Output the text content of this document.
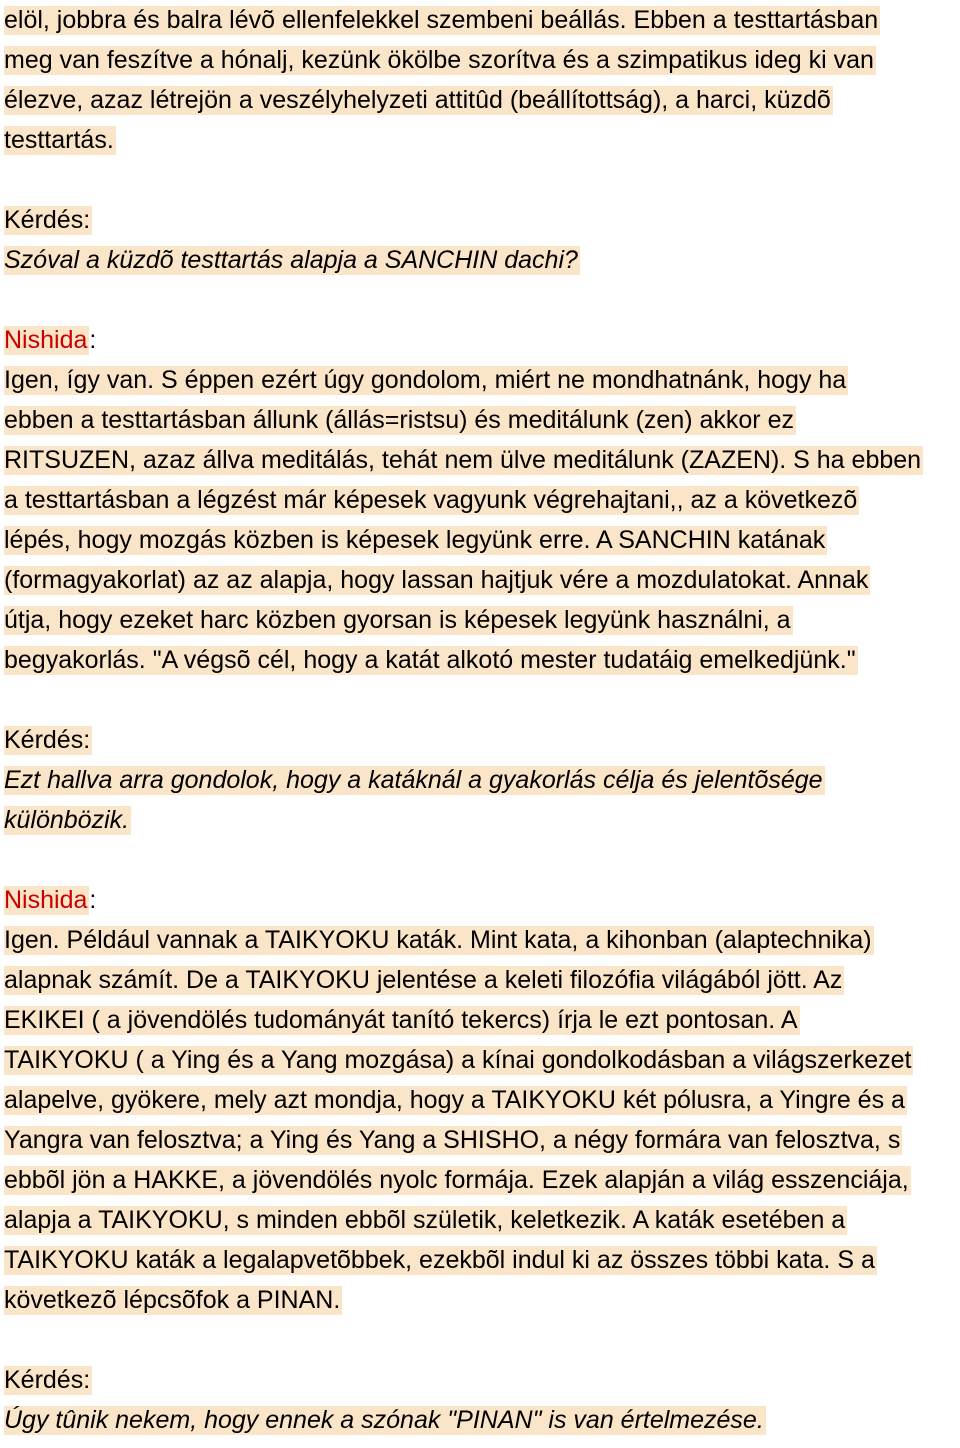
elöl, jobbra és balra lévõ ellenfelekkel szembeni beállás. Ebben a testtartásban
meg van feszítve a hónalj, kezünk ökölbe szorítva és a szimpatikus ideg ki van
élezve, azaz létrejön a veszélyhelyzeti attitûd (beállítottság), a harci, küzdõ
testtartás.
Kérdés:
Szóval a küzdõ testtartás alapja a SANCHIN dachi?
Nishida:
Igen, így van. S éppen ezért úgy gondolom, miért ne mondhatnánk, hogy ha
ebben a testtartásban állunk (állás=ristsu) és meditálunk (zen) akkor ez
RITSUZEN, azaz állva meditálás, tehát nem ülve meditálunk (ZAZEN). S ha ebben
a testtartásban a légzést már képesek vagyunk végrehajtani,, az a következõ
lépés, hogy mozgás közben is képesek legyünk erre. A SANCHIN katának
(formagyakorlat) az az alapja, hogy lassan hajtjuk vére a mozdulatokat. Annak
útja, hogy ezeket harc közben gyorsan is képesek legyünk használni, a
begyakorlás. "A végsõ cél, hogy a katát alkotó mester tudatáig emelkedjünk."
Kérdés:
Ezt hallva arra gondolok, hogy a katáknál a gyakorlás célja és jelentõsége
különbözik.
Nishida:
Igen. Például vannak a TAIKYOKU katák. Mint kata, a kihonban (alaptechnika)
alapnak számít. De a TAIKYOKU jelentése a keleti filozófia világából jött. Az
EKIKEI ( a jövendölés tudományát tanító tekercs) írja le ezt pontosan. A
TAIKYOKU ( a Ying és a Yang mozgása) a kínai gondolkodásban a világszerkezet
alapelve, gyökere, mely azt mondja, hogy a TAIKYOKU két pólusra, a Yingre és a
Yangra van felosztva; a Ying és Yang a SHISHO, a négy formára van felosztva, s
ebbõl jön a HAKKE, a jövendölés nyolc formája. Ezek alapján a világ esszenciája,
alapja a TAIKYOKU, s minden ebbõl születik, keletkezik. A katák esetében a
TAIKYOKU katák a legalapvetõbbek, ezekbõl indul ki az összes többi kata. S a
következõ lépcsõfok a PINAN.
Kérdés:
Úgy tûnik nekem, hogy ennek a szónak "PINAN" is van értelmezése.
